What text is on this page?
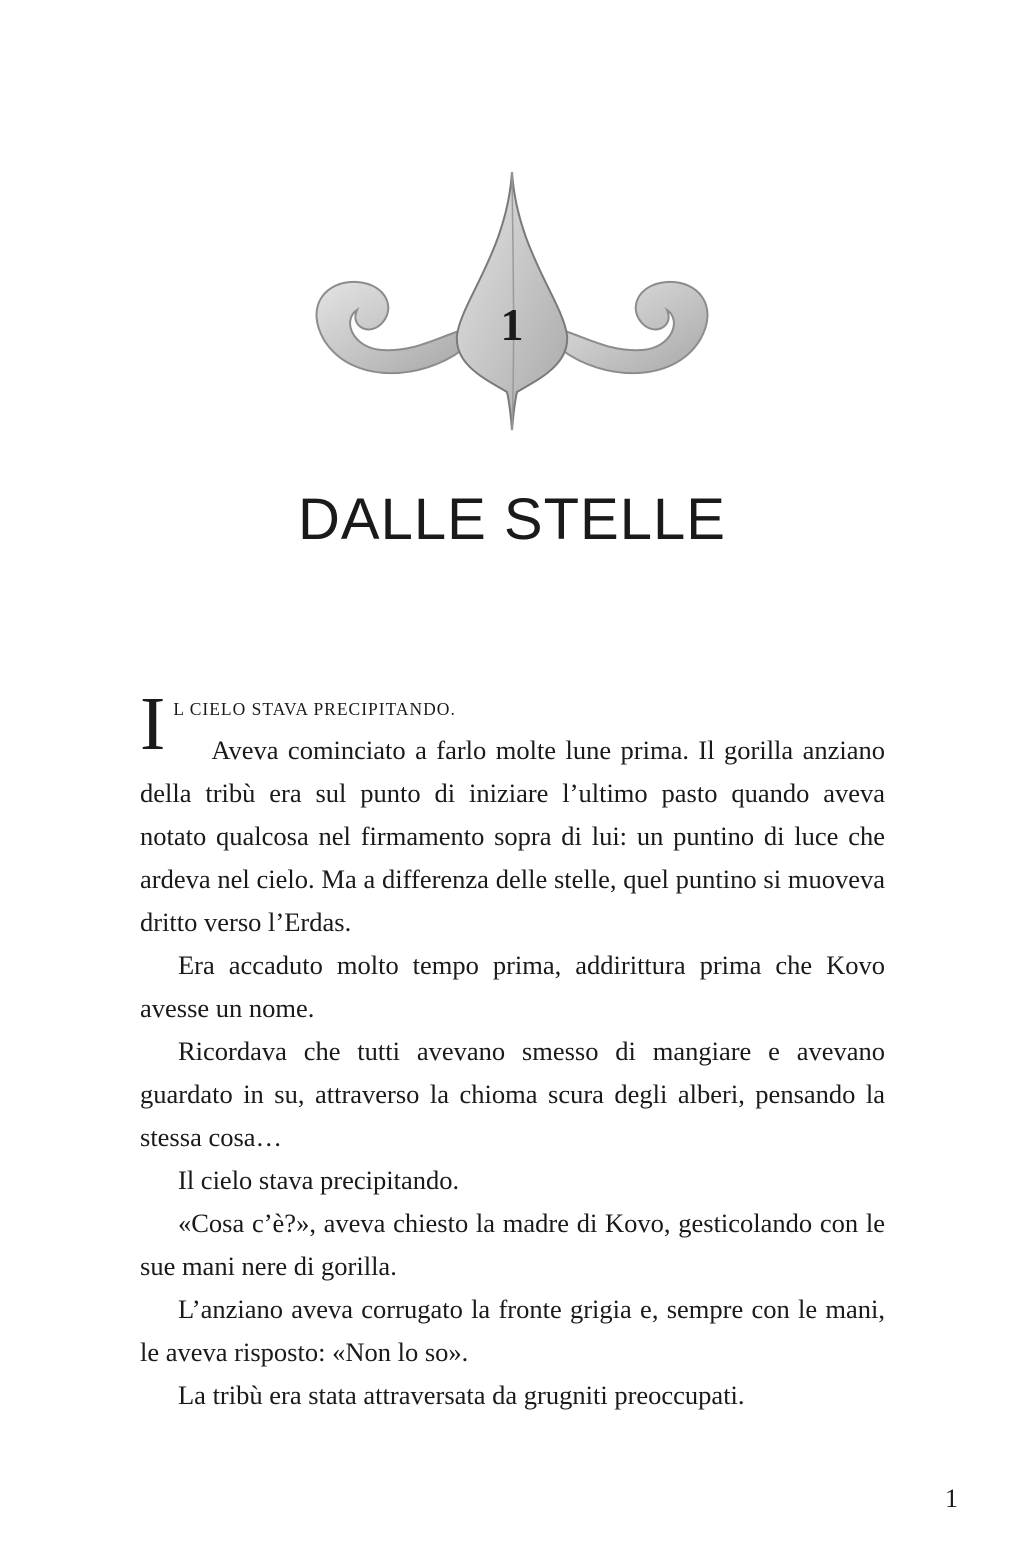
1
DALLE STELLE

I $^{L CIELO STAVA PRECIPITANDO.}$
Aveva cominciato a farlo molte lune prima. Il gorilla anziano della tribù era sul punto di iniziare l’ultimo pasto quando aveva notato qualcosa nel firmamento sopra di lui: un puntino di luce che ardeva nel cielo. Ma a differenza delle stelle, quel puntino si muoveva dritto verso l’Erdas.

Era accaduto molto tempo prima, addirittura prima che Kovo avesse un nome.

Ricordava che tutti avevano smesso di mangiare e avevano guardato in su, attraverso la chioma scura degli alberi, pensando la stessa cosa…

Il cielo stava precipitando.

«Cosa c’è?», aveva chiesto la madre di Kovo, gesticolando con le sue mani nere di gorilla.

L’anziano aveva corrugato la fronte grigia e, sempre con le mani, le aveva risposto: «Non lo so».

La tribù era stata attraversata da grugniti preoccupati.

1
